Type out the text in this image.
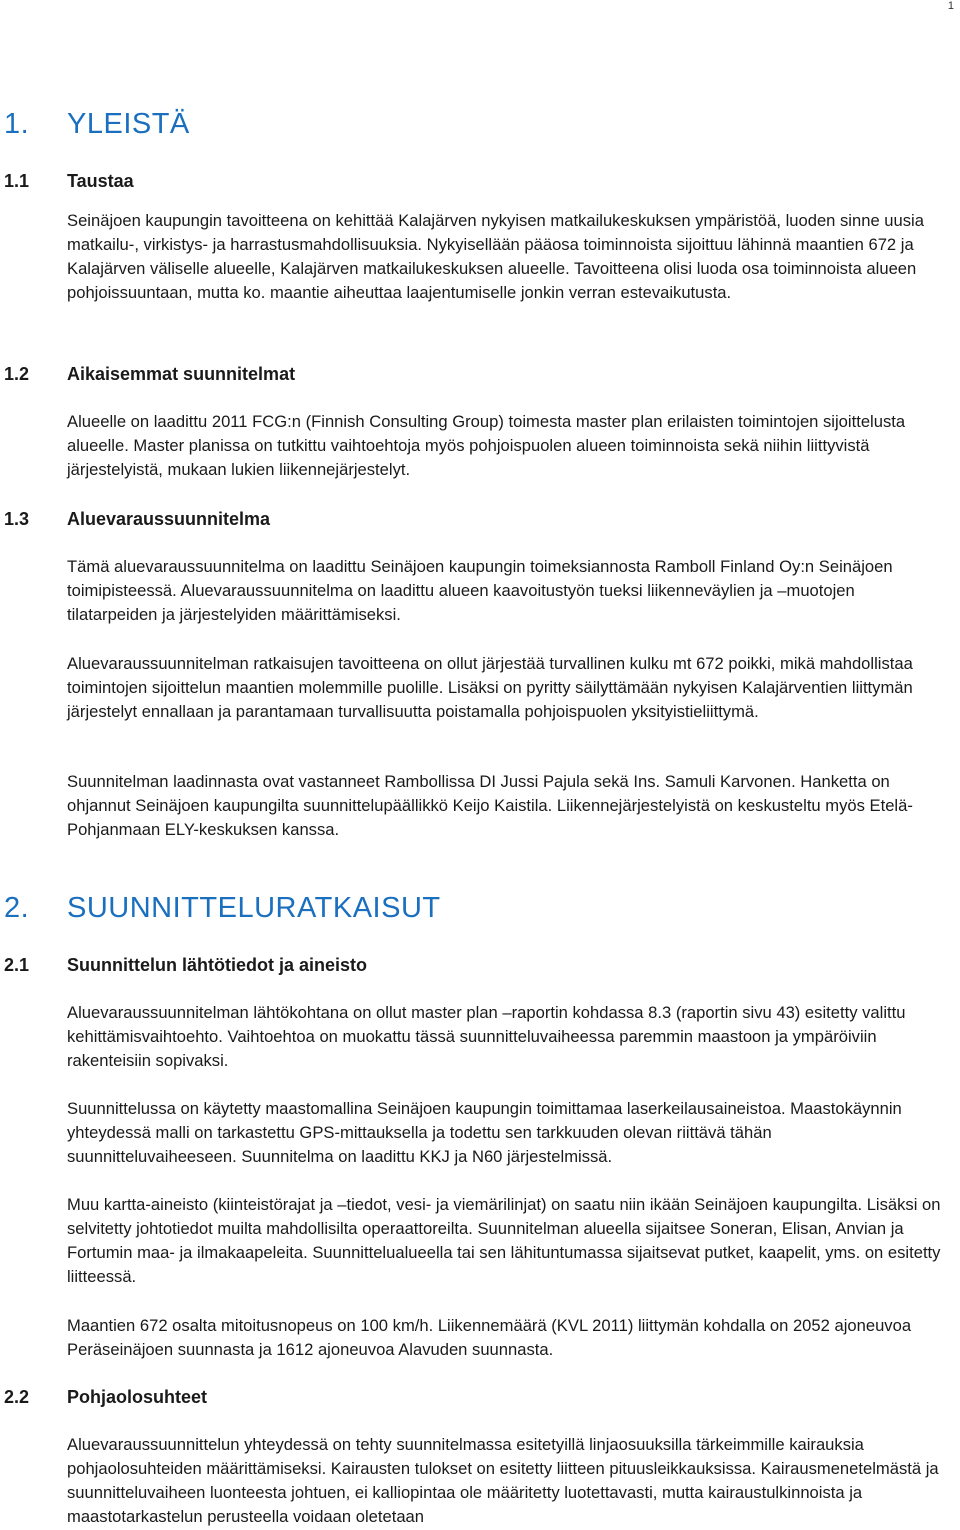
1
1. YLEISTÄ
1.1 Taustaa

Seinäjoen kaupungin tavoitteena on kehittää Kalajärven nykyisen matkailukeskuksen ympäristöä, luoden sinne uusia matkailu-, virkistys- ja harrastusmahdollisuuksia. Nykyisellään pääosa toiminnoista sijoittuu lähinnä maantien 672 ja Kalajärven väliselle alueelle, Kalajärven matkailukeskuksen alueelle. Tavoitteena olisi luoda osa toiminnoista alueen pohjoissuuntaan, mutta ko. maantie aiheuttaa laajentumiselle jonkin verran estevaikutusta.

1.2 Aikaisemmat suunnitelmat

Alueelle on laadittu 2011 FCG:n (Finnish Consulting Group) toimesta master plan erilaisten toimintojen sijoittelusta alueelle. Master planissa on tutkittu vaihtoehtoja myös pohjoispuolen alueen toiminnoista sekä niihin liittyvistä järjestelyistä, mukaan lukien liikennejärjestelyt.

1.3 Aluevaraussuunnitelma

Tämä aluevaraussuunnitelma on laadittu Seinäjoen kaupungin toimeksiannosta Ramboll Finland Oy:n Seinäjoen toimipisteessä. Aluevaraussuunnitelma on laadittu alueen kaavoitustyön tueksi liikenneväylien ja –muotojen tilatarpeiden ja järjestelyiden määrittämiseksi.

Aluevaraussuunnitelman ratkaisujen tavoitteena on ollut järjestää turvallinen kulku mt 672 poikki, mikä mahdollistaa toimintojen sijoittelun maantien molemmille puolille. Lisäksi on pyritty säilyttämään nykyisen Kalajärventien liittymän järjestelyt ennallaan ja parantamaan turvallisuutta poistamalla pohjoispuolen yksityistieliittymä.

Suunnitelman laadinnasta ovat vastanneet Rambollissa DI Jussi Pajula sekä Ins. Samuli Karvonen. Hanketta on ohjannut Seinäjoen kaupungilta suunnittelupäällikkö Keijo Kaistila. Liikennejärjestelyistä on keskusteltu myös Etelä-Pohjanmaan ELY-keskuksen kanssa.

2. SUUNNITTELURATKAISUT
2.1 Suunnittelun lähtötiedot ja aineisto

Aluevaraussuunnitelman lähtökohtana on ollut master plan –raportin kohdassa 8.3 (raportin sivu 43) esitetty valittu kehittämisvaihtoehto. Vaihtoehtoa on muokattu tässä suunnitteluvaiheessa paremmin maastoon ja ympäröiviin rakenteisiin sopivaksi.

Suunnittelussa on käytetty maastomallina Seinäjoen kaupungin toimittamaa laserkeilausaineistoa. Maastokäynnin yhteydessä malli on tarkastettu GPS-mittauksella ja todettu sen tarkkuuden olevan riittävä tähän suunnitteluvaiheeseen. Suunnitelma on laadittu KKJ ja N60 järjestelmissä.

Muu kartta-aineisto (kiinteistörajat ja –tiedot, vesi- ja viemärilinjat) on saatu niin ikään Seinäjoen kaupungilta. Lisäksi on selvitetty johtotiedot muilta mahdollisilta operaattoreilta. Suunnitelman alueella sijaitsee Soneran, Elisan, Anvian ja Fortumin maa- ja ilmakaapeleita. Suunnittelualueella tai sen lähituntumassa sijaitsevat putket, kaapelit, yms. on esitetty liitteessä.

Maantien 672 osalta mitoitusnopeus on 100 km/h. Liikennemäärä (KVL 2011) liittymän kohdalla on 2052 ajoneuvoa Peräseinäjoen suunnasta ja 1612 ajoneuvoa Alavuden suunnasta.

2.2 Pohjaolosuhteet

Aluevaraussuunnittelun yhteydessä on tehty suunnitelmassa esitetyillä linjaosuuksilla tärkeimmille kairauksia pohjaolosuhteiden määrittämiseksi. Kairausten tulokset on esitetty liitteen pituusleikkauksissa. Kairausmenetelmästä ja suunnitteluvaiheen luonteesta johtuen, ei kalliopintaa ole määritetty luotettavasti, mutta kairaustulkinnoista ja maastotarkastelun perusteella voidaan oletetaan
